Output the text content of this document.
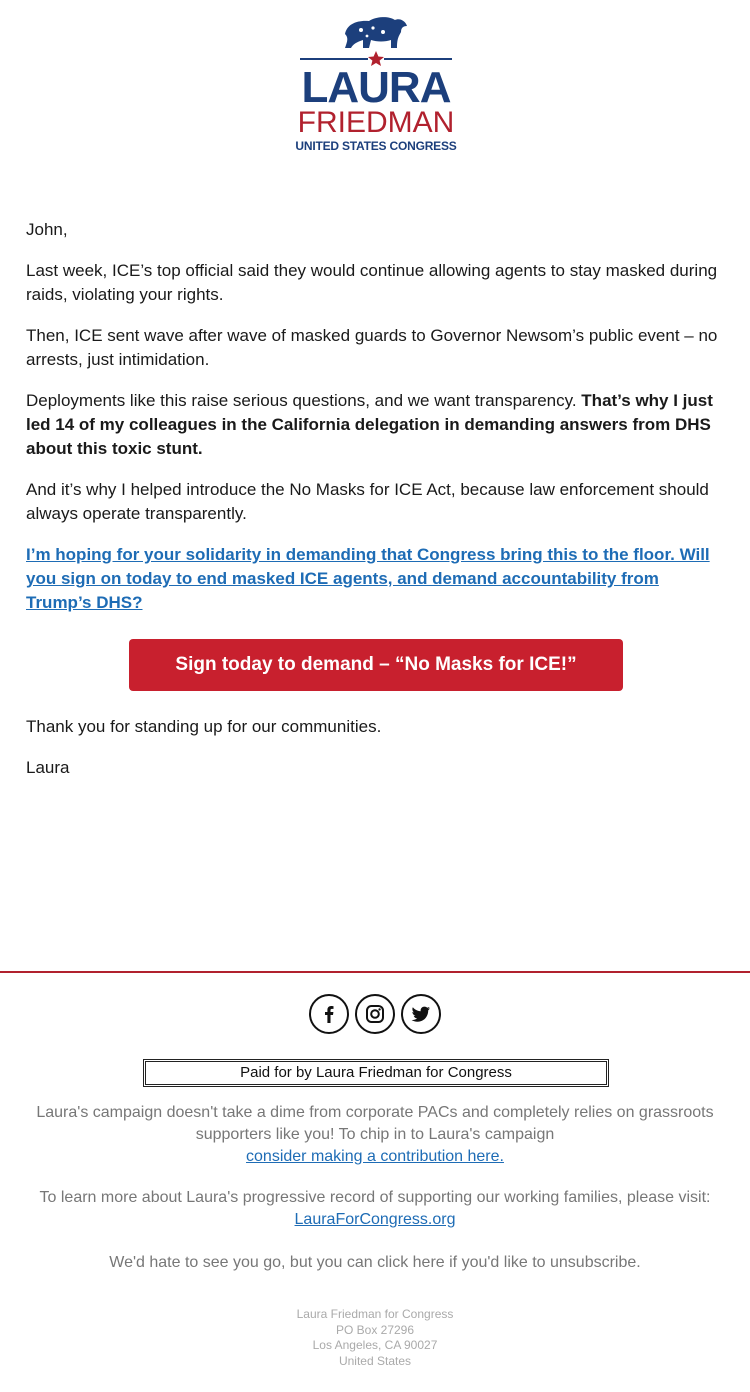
LAURA
FRIEDMAN
UNITED STATES CONGRESS

John,

Last week, ICE’s top official said they would continue allowing agents to stay masked during raids, violating your rights.

Then, ICE sent wave after wave of masked guards to Governor Newsom’s public event – no arrests, just intimidation.

Deployments like this raise serious questions, and we want transparency. That’s why I just led 14 of my colleagues in the California delegation in demanding answers from DHS about this toxic stunt.

And it’s why I helped introduce the No Masks for ICE Act, because law enforcement should always operate transparently.

I’m hoping for your solidarity in demanding that Congress bring this to the floor. Will you sign on today to end masked ICE agents, and demand accountability from Trump’s DHS?

Sign today to demand – “No Masks for ICE!”

Thank you for standing up for our communities.

Laura

Paid for by Laura Friedman for Congress
Laura's campaign doesn't take a dime from corporate PACs and completely relies on grassroots supporters like you! To chip in to Laura's campaign
consider making a contribution here.
To learn more about Laura's progressive record of supporting our working families, please visit: LauraForCongress.org
We'd hate to see you go, but you can click here if you'd like to unsubscribe.
Laura Friedman for Congress
PO Box 27296
Los Angeles, CA 90027
United States
